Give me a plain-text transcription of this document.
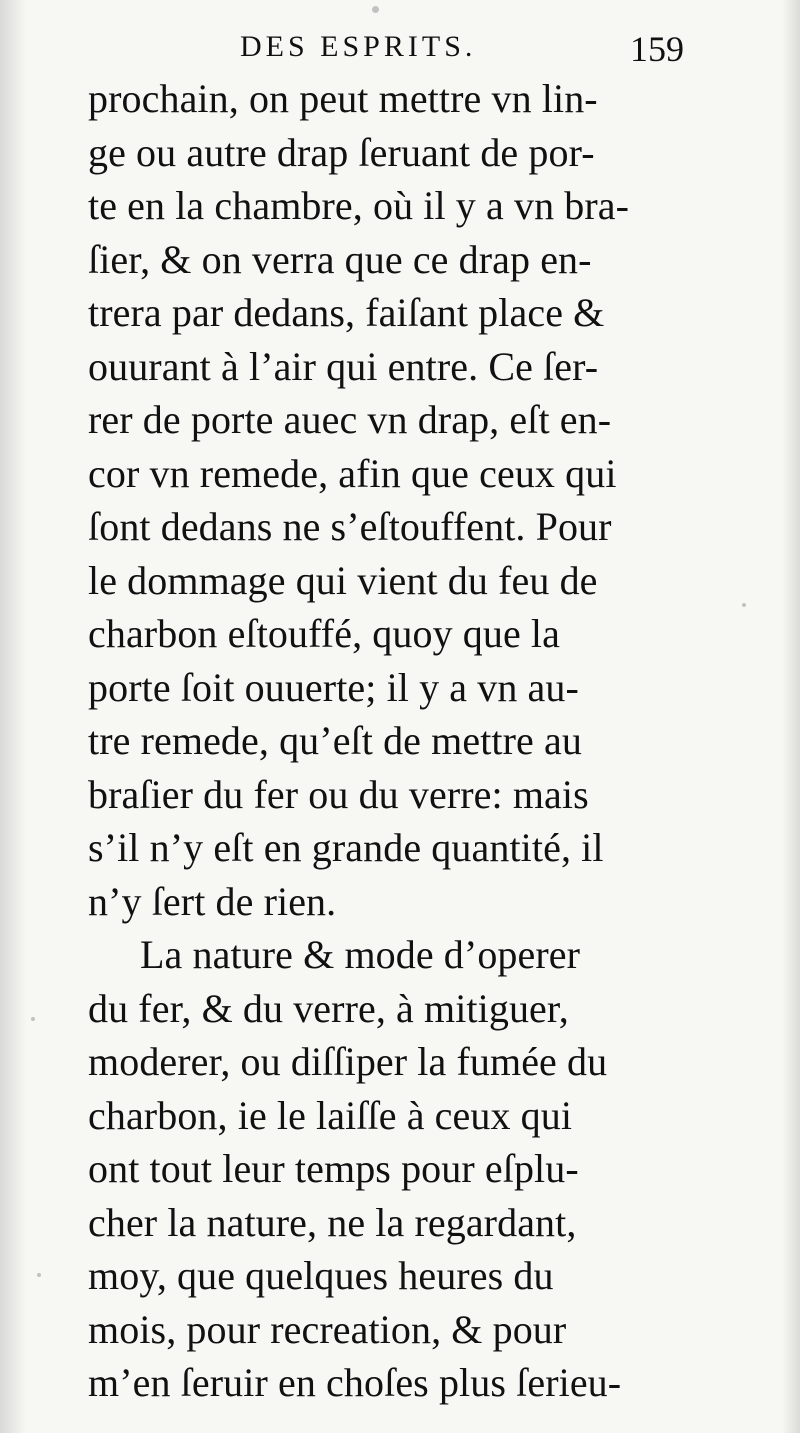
DES ESPRITS.	159
prochain, on peut mettre vn lin-
ge ou autre drap ſeruant de por-
te en la chambre, où il y a vn bra-
ſier, & on verra que ce drap en-
trera par dedans, faiſant place &
ouurant à l’air qui entre. Ce ſer-
rer de porte auec vn drap, eſt en-
cor vn remede, afin que ceux qui
ſont dedans ne s’eſtouffent. Pour
le dommage qui vient du feu de
charbon eſtouffé, quoy que la
porte ſoit ouuerte; il y a vn au-
tre remede, qu’eſt de mettre au
braſier du fer ou du verre: mais
s’il n’y eſt en grande quantité, il
n’y ſert de rien.
La nature & mode d’operer
du fer, & du verre, à mitiguer,
moderer, ou diſſiper la fumée du
charbon, ie le laiſſe à ceux qui
ont tout leur temps pour eſplu-
cher la nature, ne la regardant,
moy, que quelques heures du
mois, pour recreation, & pour
m’en ſeruir en choſes plus ſerieu-
